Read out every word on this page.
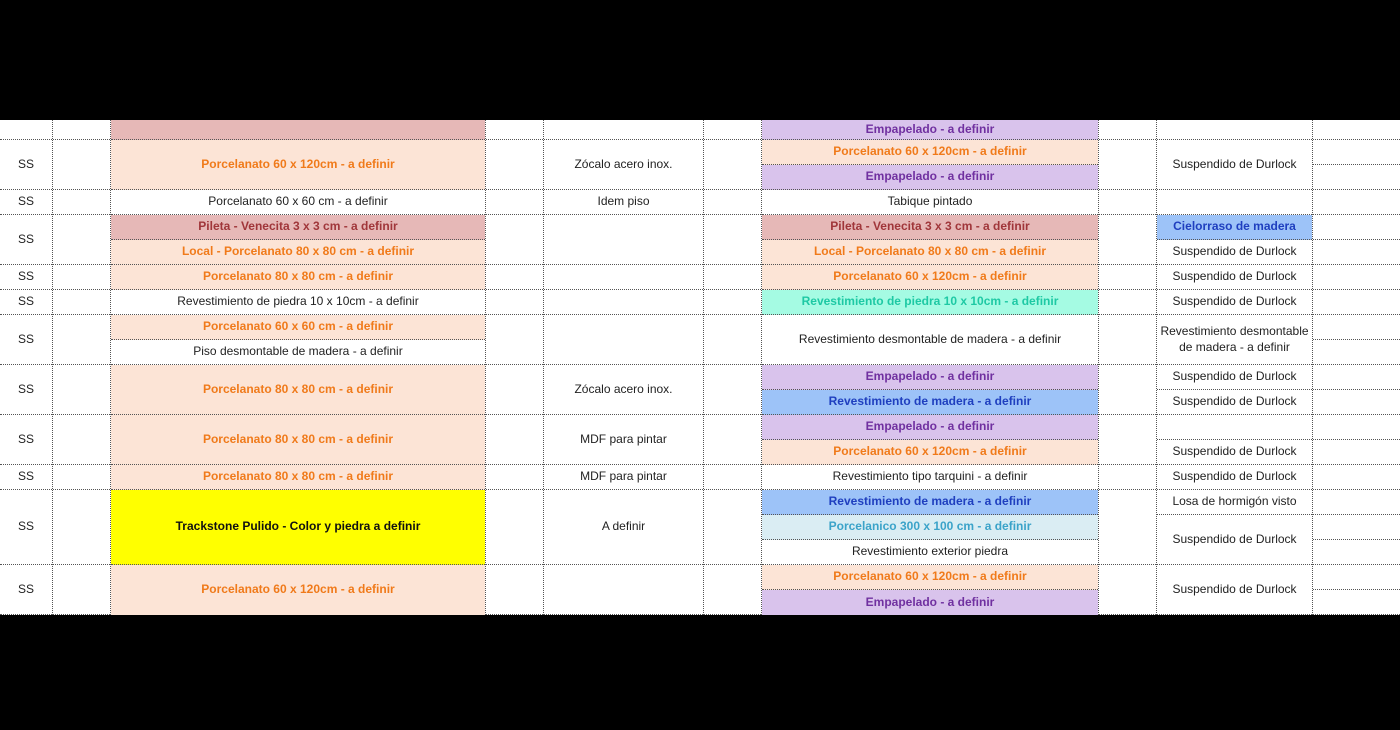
SS
SS
SS
SS
SS
SS
SS
SS
SS
SS
SS
Porcelanato 60 x 120cm - a definir
Porcelanato 60 x 60 cm - a definir
Pileta - Venecita 3 x 3 cm - a definir
Local - Porcelanato 80 x 80 cm - a definir
Porcelanato 80 x 80 cm - a definir
Revestimiento de piedra 10 x 10cm - a definir
Porcelanato 60 x 60 cm - a definir
Piso desmontable de madera - a definir
Porcelanato 80 x 80 cm - a definir
Porcelanato 80 x 80 cm - a definir
Porcelanato 80 x 80 cm - a definir
Trackstone Pulido - Color y piedra a definir
Porcelanato 60 x 120cm - a definir
Zócalo acero inox.
Idem piso
Zócalo acero inox.
MDF para pintar
MDF para pintar
A definir
Empapelado - a definir
Porcelanato 60 x 120cm - a definir
Empapelado - a definir
Tabique pintado
Pileta - Venecita 3 x 3 cm - a definir
Local - Porcelanato 80 x 80 cm - a definir
Porcelanato 60 x 120cm - a definir
Revestimiento de piedra 10 x 10cm - a definir
Revestimiento desmontable de madera - a definir
Empapelado - a definir
Revestimiento de madera - a definir
Empapelado - a definir
Porcelanato 60 x 120cm - a definir
Revestimiento tipo tarquini - a definir
Revestimiento de madera - a definir
Porcelanico 300 x 100 cm - a definir
Revestimiento exterior piedra
Porcelanato 60 x 120cm - a definir
Empapelado - a definir
Suspendido de Durlock
Cielorraso de madera
Suspendido de Durlock
Suspendido de Durlock
Suspendido de Durlock
Revestimiento desmontable de madera - a definir
Suspendido de Durlock
Suspendido de Durlock
Suspendido de Durlock
Suspendido de Durlock
Losa de hormigón visto
Suspendido de Durlock
Suspendido de Durlock
